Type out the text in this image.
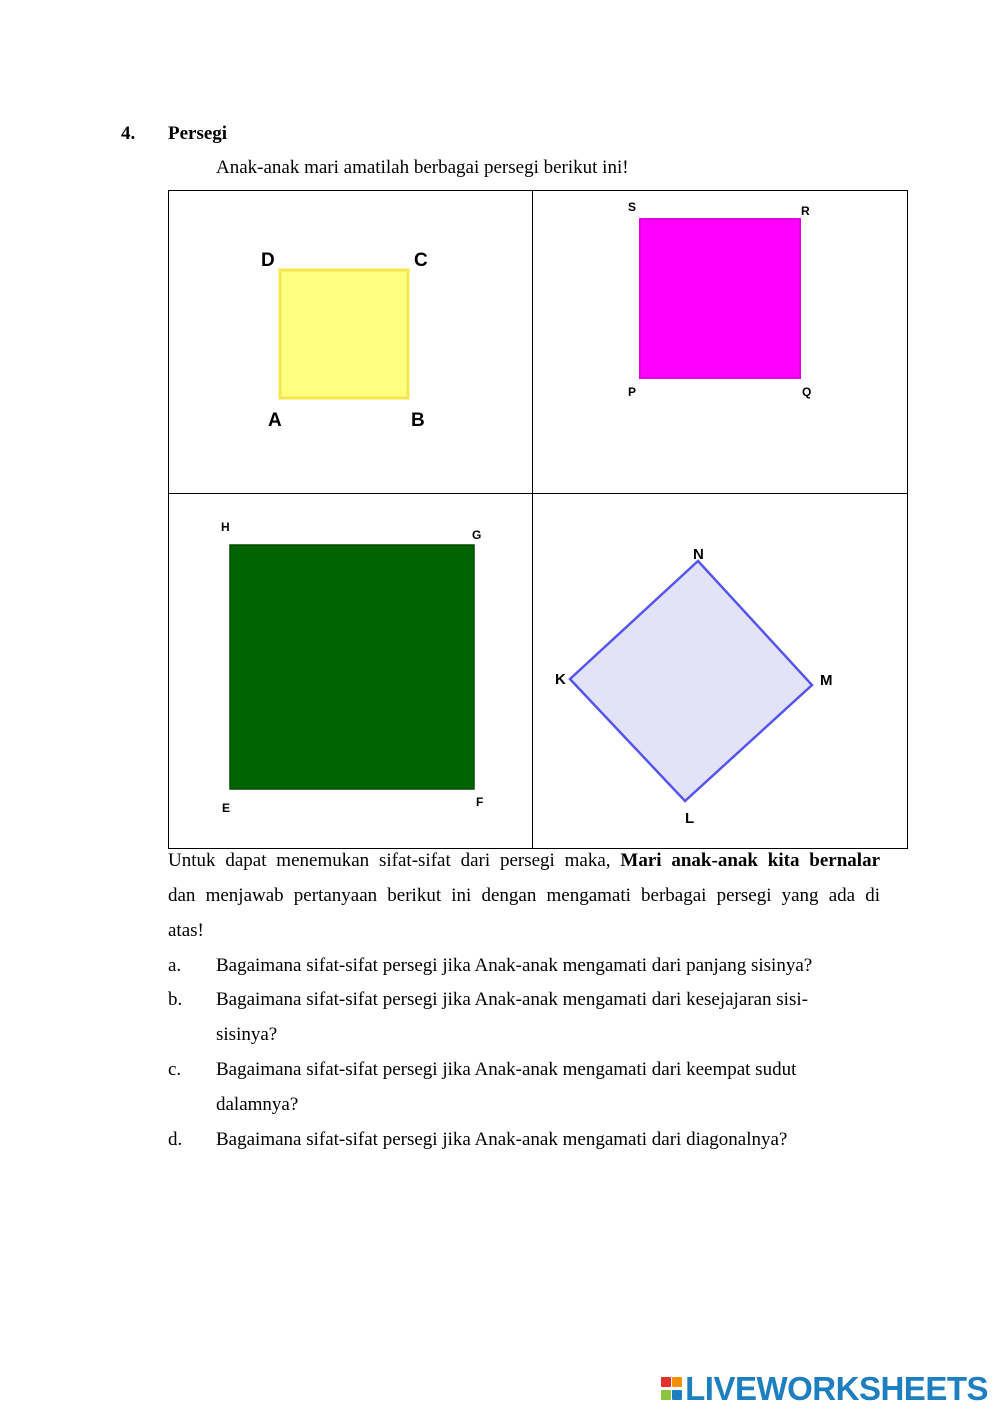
4. Persegi
Anak-anak mari amatilah berbagai persegi berikut ini!
D	C
A	B
S	R
P	Q
H
G
E	F
N
K	M
L
Untuk dapat menemukan sifat-sifat dari persegi maka, Mari anak-anak kita bernalar
dan menjawab pertanyaan berikut ini dengan mengamati berbagai persegi yang ada di
atas!
a. Bagaimana sifat-sifat persegi jika Anak-anak mengamati dari panjang sisinya?
b. Bagaimana sifat-sifat persegi jika Anak-anak mengamati dari kesejajaran sisi-
sisinya?
c. Bagaimana sifat-sifat persegi jika Anak-anak mengamati dari keempat sudut
dalamnya?
d. Bagaimana sifat-sifat persegi jika Anak-anak mengamati dari diagonalnya?
LIVEWORKSHEETS
